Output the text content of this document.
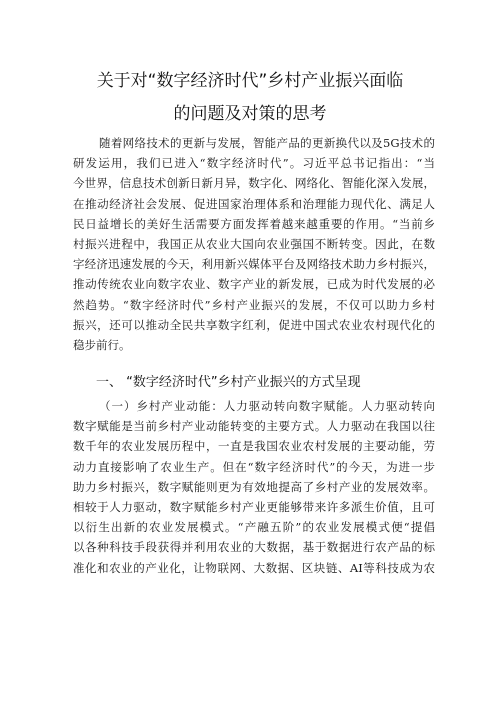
关于对“数字经济时代”乡村产业振兴面临
的问题及对策的思考
随着网络技术的更新与发展，智能产品的更新换代以及5G技术的
研发运用，我们已进入“数字经济时代”。习近平总书记指出：“当
今世界，信息技术创新日新月异，数字化、网络化、智能化深入发展，
在推动经济社会发展、促进国家治理体系和治理能力现代化、满足人
民日益增长的美好生活需要方面发挥着越来越重要的作用。“当前乡
村振兴进程中，我国正从农业大国向农业强国不断转变。因此，在数
字经济迅速发展的今天，利用新兴媒体平台及网络技术助力乡村振兴，
推动传统农业向数字农业、数字产业的新发展，已成为时代发展的必
然趋势。“数字经济时代”乡村产业振兴的发展，不仅可以助力乡村
振兴，还可以推动全民共享数字红利，促进中国式农业农村现代化的
稳步前行。
一、 “数字经济时代”乡村产业振兴的方式呈现
（一）乡村产业动能：人力驱动转向数字赋能。人力驱动转向
数字赋能是当前乡村产业动能转变的主要方式。人力驱动在我国以往
数千年的农业发展历程中，一直是我国农业农村发展的主要动能，劳
动力直接影响了农业生产。但在“数字经济时代”的今天，为进一步
助力乡村振兴，数字赋能则更为有效地提高了乡村产业的发展效率。
相较于人力驱动，数字赋能乡村产业更能够带来许多派生价值，且可
以衍生出新的农业发展模式。“产融五阶”的农业发展模式便“提倡
以各种科技手段获得并利用农业的大数据，基于数据进行农产品的标
准化和农业的产业化，让物联网、大数据、区块链、AI等科技成为农
